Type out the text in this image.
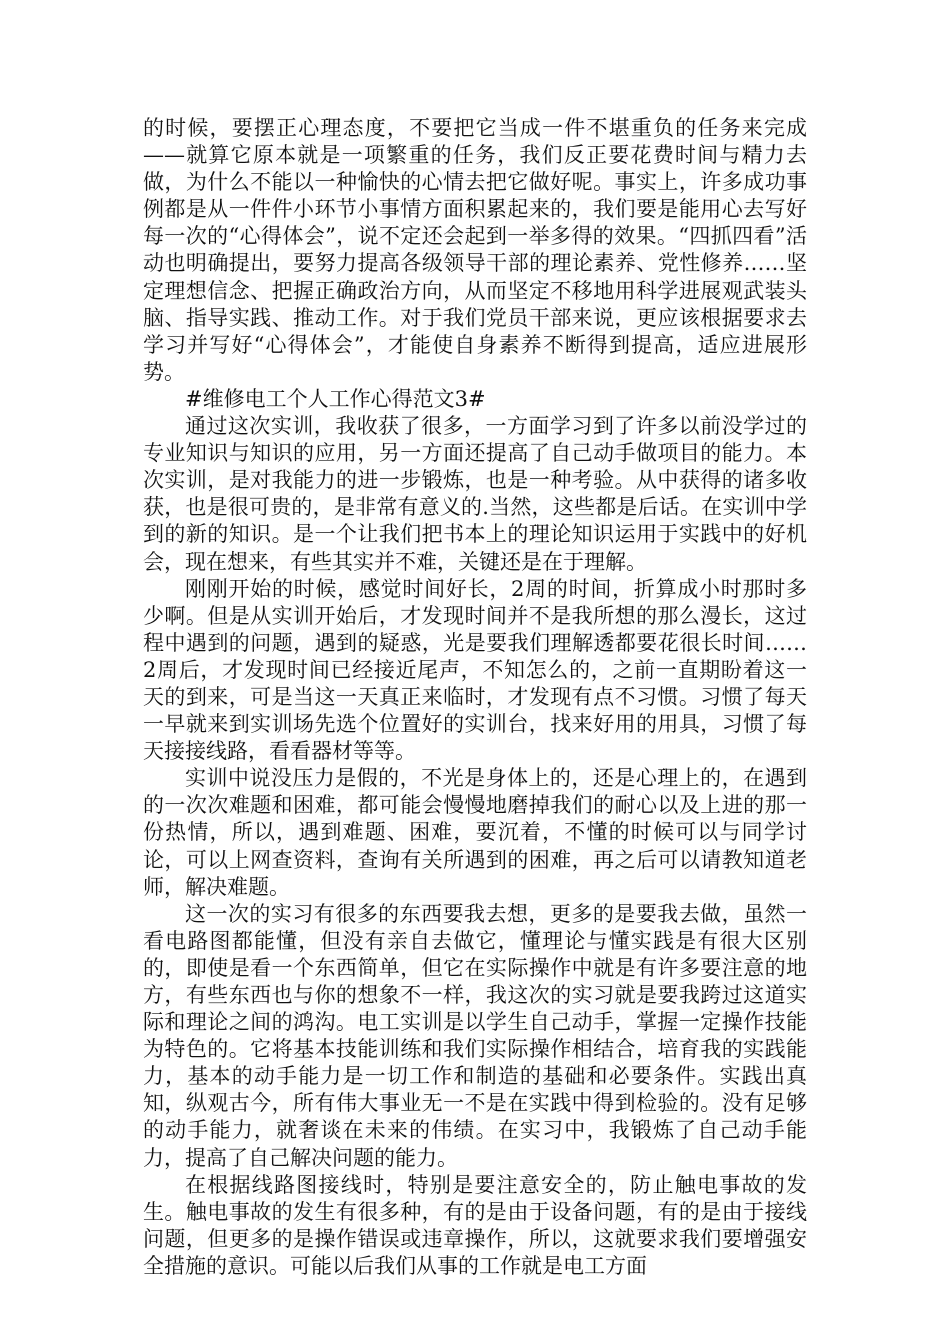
的时候，要摆正心理态度，不要把它当成一件不堪重负的任务来完成——就算它原本就是一项繁重的任务，我们反正要花费时间与精力去做，为什么不能以一种愉快的心情去把它做好呢。事实上，许多成功事例都是从一件件小环节小事情方面积累起来的，我们要是能用心去写好每一次的“心得体会”，说不定还会起到一举多得的效果。“四抓四看”活动也明确提出，要努力提高各级领导干部的理论素养、党性修养……坚定理想信念、把握正确政治方向，从而坚定不移地用科学进展观武装头脑、指导实践、推动工作。对于我们党员干部来说，更应该根据要求去学习并写好“心得体会”，才能使自身素养不断得到提高，适应进展形势。

#维修电工个人工作心得范文3#

通过这次实训，我收获了很多，一方面学习到了许多以前没学过的专业知识与知识的应用，另一方面还提高了自己动手做项目的能力。本次实训，是对我能力的进一步锻炼，也是一种考验。从中获得的诸多收获，也是很可贵的，是非常有意义的.当然，这些都是后话。在实训中学到的新的知识。是一个让我们把书本上的理论知识运用于实践中的好机会，现在想来，有些其实并不难，关键还是在于理解。

刚刚开始的时候，感觉时间好长，2周的时间，折算成小时那时多少啊。但是从实训开始后，才发现时间并不是我所想的那么漫长，这过程中遇到的问题，遇到的疑惑，光是要我们理解透都要花很长时间……2周后，才发现时间已经接近尾声，不知怎么的，之前一直期盼着这一天的到来，可是当这一天真正来临时，才发现有点不习惯。习惯了每天一早就来到实训场先选个位置好的实训台，找来好用的用具，习惯了每天接接线路，看看器材等等。

实训中说没压力是假的，不光是身体上的，还是心理上的，在遇到的一次次难题和困难，都可能会慢慢地磨掉我们的耐心以及上进的那一份热情，所以，遇到难题、困难，要沉着，不懂的时候可以与同学讨论，可以上网查资料，查询有关所遇到的困难，再之后可以请教知道老师，解决难题。

这一次的实习有很多的东西要我去想，更多的是要我去做，虽然一看电路图都能懂，但没有亲自去做它，懂理论与懂实践是有很大区别的，即使是看一个东西简单，但它在实际操作中就是有许多要注意的地方，有些东西也与你的想象不一样，我这次的实习就是要我跨过这道实际和理论之间的鸿沟。电工实训是以学生自己动手，掌握一定操作技能为特色的。它将基本技能训练和我们实际操作相结合，培育我的实践能力，基本的动手能力是一切工作和制造的基础和必要条件。实践出真知，纵观古今，所有伟大事业无一不是在实践中得到检验的。没有足够的动手能力，就奢谈在未来的伟绩。在实习中，我锻炼了自己动手能力，提高了自己解决问题的能力。

在根据线路图接线时，特别是要注意安全的，防止触电事故的发生。触电事故的发生有很多种，有的是由于设备问题，有的是由于接线问题，但更多的是操作错误或违章操作，所以，这就要求我们要增强安全措施的意识。可能以后我们从事的工作就是电工方面
